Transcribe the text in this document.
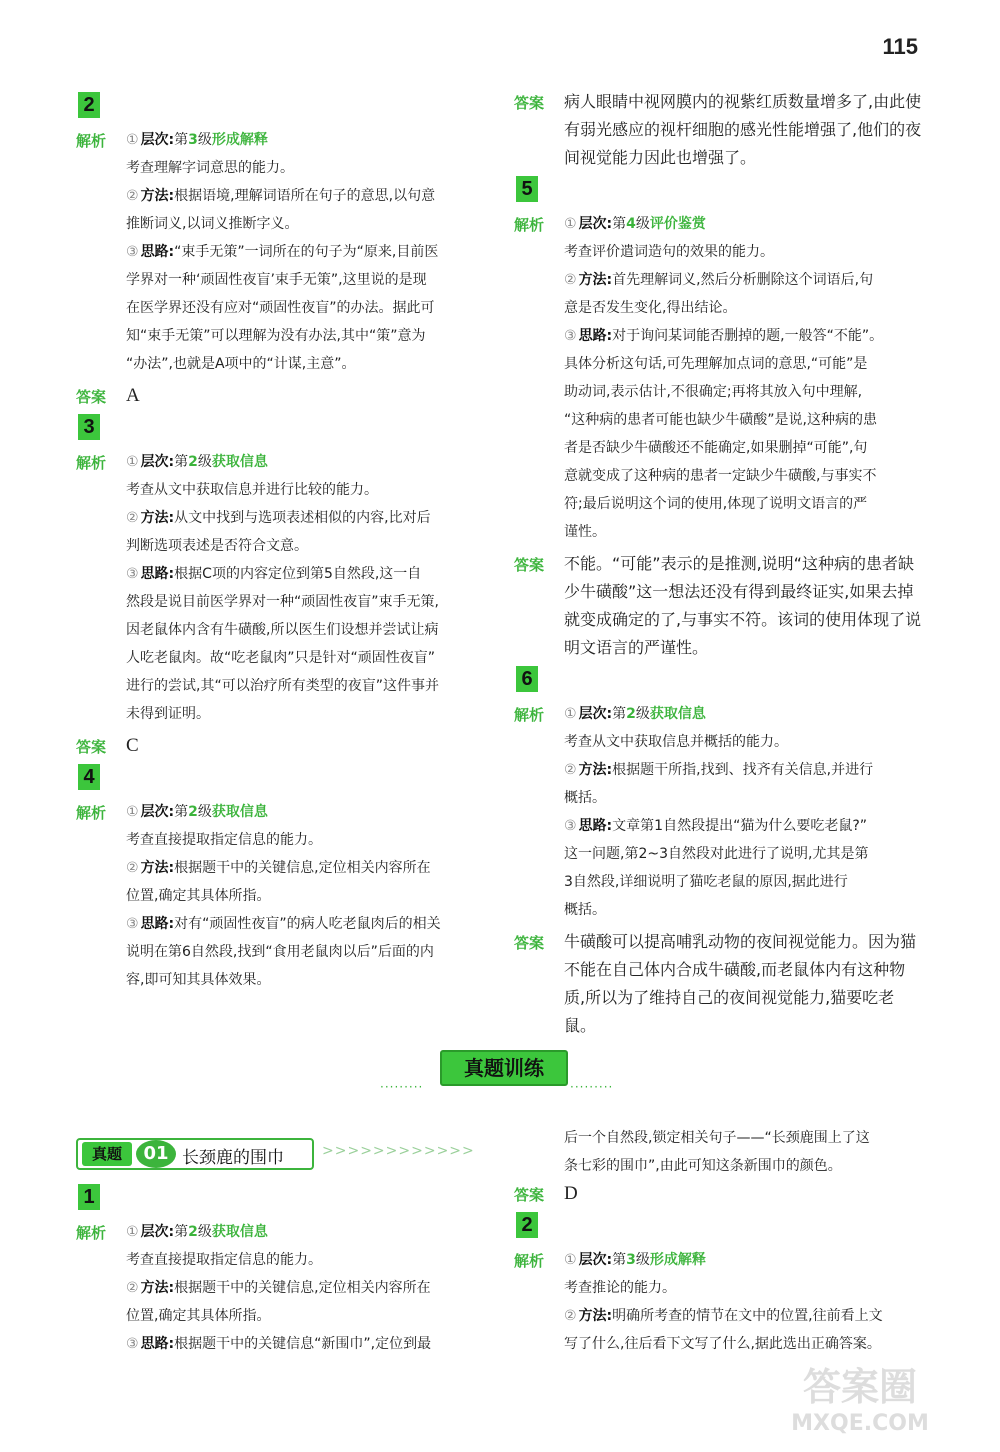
115
2
解析	① 层次:第3级形成解释
考查理解字词意思的能力。
② 方法:根据语境,理解词语所在句子的意思,以句意
推断词义,以词义推断字义。
③ 思路:“束手无策”一词所在的句子为“原来,目前医
学界对一种‘顽固性夜盲’束手无策”,这里说的是现
在医学界还没有应对“顽固性夜盲”的办法。据此可
知“束手无策”可以理解为没有办法,其中“策”意为
“办法”,也就是A项中的“计谋,主意”。
答案	A
3
解析	① 层次:第2级获取信息
考查从文中获取信息并进行比较的能力。
② 方法:从文中找到与选项表述相似的内容,比对后
判断选项表述是否符合文意。
③ 思路:根据C项的内容定位到第5自然段,这一自
然段是说目前医学界对一种“顽固性夜盲”束手无策,
因老鼠体内含有牛磺酸,所以医生们设想并尝试让病
人吃老鼠肉。故“吃老鼠肉”只是针对“顽固性夜盲”
进行的尝试,其“可以治疗所有类型的夜盲”这件事并
未得到证明。
答案	C
4
解析	① 层次:第2级获取信息
考查直接提取指定信息的能力。
② 方法:根据题干中的关键信息,定位相关内容所在
位置,确定其具体所指。
③ 思路:对有“顽固性夜盲”的病人吃老鼠肉后的相关
说明在第6自然段,找到“食用老鼠肉以后”后面的内
容,即可知其具体效果。
答案	病人眼睛中视网膜内的视紫红质数量增多了,由此使
有弱光感应的视杆细胞的感光性能增强了,他们的夜
间视觉能力因此也增强了。
5
解析	① 层次:第4级评价鉴赏
考查评价遣词造句的效果的能力。
② 方法:首先理解词义,然后分析删除这个词语后,句
意是否发生变化,得出结论。
③ 思路:对于询问某词能否删掉的题,一般答“不能”。
具体分析这句话,可先理解加点词的意思,“可能”是
助动词,表示估计,不很确定;再将其放入句中理解,
“这种病的患者可能也缺少牛磺酸”是说,这种病的患
者是否缺少牛磺酸还不能确定,如果删掉“可能”,句
意就变成了这种病的患者一定缺少牛磺酸,与事实不
符;最后说明这个词的使用,体现了说明文语言的严
谨性。
答案	不能。“可能”表示的是推测,说明“这种病的患者缺
少牛磺酸”这一想法还没有得到最终证实,如果去掉
就变成确定的了,与事实不符。该词的使用体现了说
明文语言的严谨性。
6
解析	① 层次:第2级获取信息
考查从文中获取信息并概括的能力。
② 方法:根据题干所指,找到、找齐有关信息,并进行
概括。
③ 思路:文章第1自然段提出“猫为什么要吃老鼠?”
这一问题,第2~3自然段对此进行了说明,尤其是第
3自然段,详细说明了猫吃老鼠的原因,据此进行
概括。
答案	牛磺酸可以提高哺乳动物的夜间视觉能力。因为猫
不能在自己体内合成牛磺酸,而老鼠体内有这种物
质,所以为了维持自己的夜间视觉能力,猫要吃老鼠。
·········
真题训练
·········
真题	01 长颈鹿的围巾	>>>>>>>>>>>>
1
解析	① 层次:第2级获取信息
考查直接提取指定信息的能力。
② 方法:根据题干中的关键信息,定位相关内容所在
位置,确定其具体所指。
③ 思路:根据题干中的关键信息“新围巾”,定位到最
后一个自然段,锁定相关句子——“长颈鹿围上了这
条七彩的围巾”,由此可知这条新围巾的颜色。
答案	D
2
解析	① 层次:第3级形成解释
考查推论的能力。
② 方法:明确所考查的情节在文中的位置,往前看上文
写了什么,往后看下文写了什么,据此选出正确答案。
答案圈
MXQE.COM
